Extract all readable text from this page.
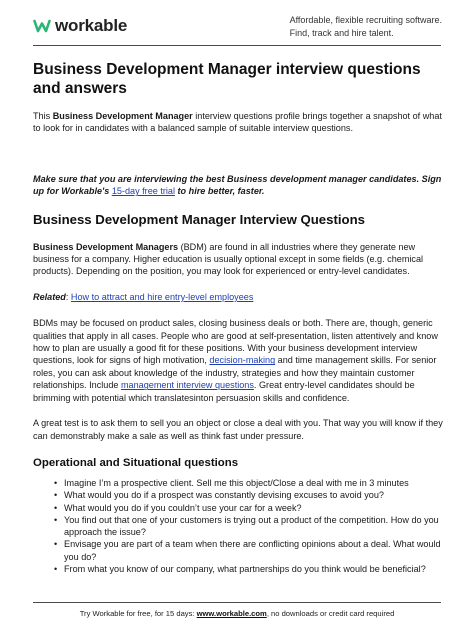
workable	Affordable, flexible recruiting software.
Find, track and hire talent.
Business Development Manager interview questions and answers

This Business Development Manager interview questions profile brings together a snapshot of what to look for in candidates with a balanced sample of suitable interview questions.

Make sure that you are interviewing the best Business development manager candidates. Sign up for Workable's 15-day free trial to hire better, faster.

Business Development Manager Interview Questions

Business Development Managers (BDM) are found in all industries where they generate new business for a company. Higher education is usually optional except in some fields (e.g. chemical products). Depending on the position, you may look for experienced or entry-level candidates.

Related: How to attract and hire entry-level employees

BDMs may be focused on product sales, closing business deals or both. There are, though, generic qualities that apply in all cases. People who are good at self-presentation, listen attentively and know how to plan are usually a good fit for these positions. With your business development interview questions, look for signs of high motivation, decision-making and time management skills. For senior roles, you can ask about knowledge of the industry, strategies and how they maintain customer relationships. Include management interview questions. Great entry-level candidates should be brimming with potential which translatesinton persuasion skills and confidence.

A great test is to ask them to sell you an object or close a deal with you. That way you will know if they can demonstrably make a sale as well as think fast under pressure.

Operational and Situational questions
• Imagine I’m a prospective client. Sell me this object/Close a deal with me in 3 minutes
• What would you do if a prospect was constantly devising excuses to avoid you?
• What would you do if you couldn’t use your car for a week?
• You find out that one of your customers is trying out a product of the competition. How do you approach the issue?
• Envisage you are part of a team when there are conflicting opinions about a deal. What would you do?
• From what you know of our company, what partnerships do you think would be beneficial?
Try Workable for free, for 15 days: www.workable.com, no downloads or credit card required
